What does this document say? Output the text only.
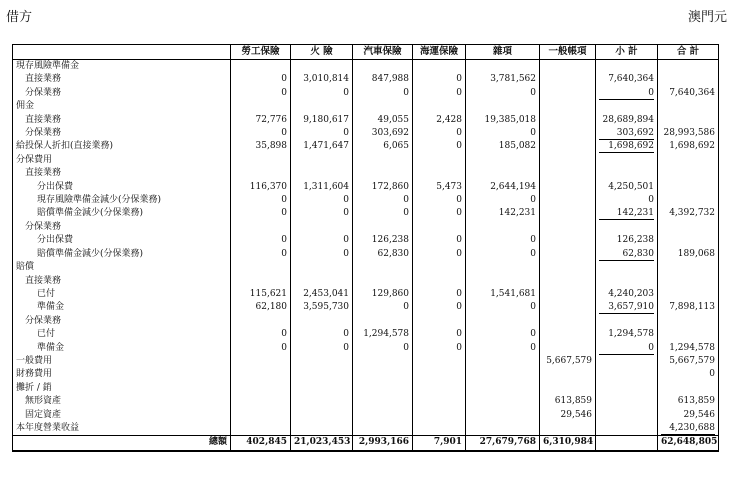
借方	澳門元
	勞工保險	火 險	汽車保險	海運保險	雜項	一般帳項	小 計	合 計
現存風險準備金								
直接業務	0	3,010,814	847,988	0	3,781,562		7,640,364	
分保業務	0	0	0	0	0		0	7,640,364
佣金								
直接業務	72,776	9,180,617	49,055	2,428	19,385,018		28,689,894	
分保業務	0	0	303,692	0	0		303,692	28,993,586
給投保人折扣(直接業務)	35,898	1,471,647	6,065	0	185,082		1,698,692	1,698,692
分保費用								
直接業務								
分出保費	116,370	1,311,604	172,860	5,473	2,644,194		4,250,501	
現存風險準備金減少(分保業務)	0	0	0	0	0		0	
賠償準備金減少(分保業務)	0	0	0	0	142,231		142,231	4,392,732
分保業務								
分出保費	0	0	126,238	0	0		126,238	
賠償準備金減少(分保業務)	0	0	62,830	0	0		62,830	189,068
賠償								
直接業務								
已付	115,621	2,453,041	129,860	0	1,541,681		4,240,203	
準備金	62,180	3,595,730	0	0	0		3,657,910	7,898,113
分保業務								
已付	0	0	1,294,578	0	0		1,294,578	
準備金	0	0	0	0	0		0	1,294,578
一般費用						5,667,579		5,667,579
財務費用								0
攤折 / 銷								
無形資產						613,859		613,859
固定資產						29,546		29,546
本年度營業收益								4,230,688
總額	402,845	21,023,453	2,993,166	7,901	27,679,768	6,310,984		62,648,805
